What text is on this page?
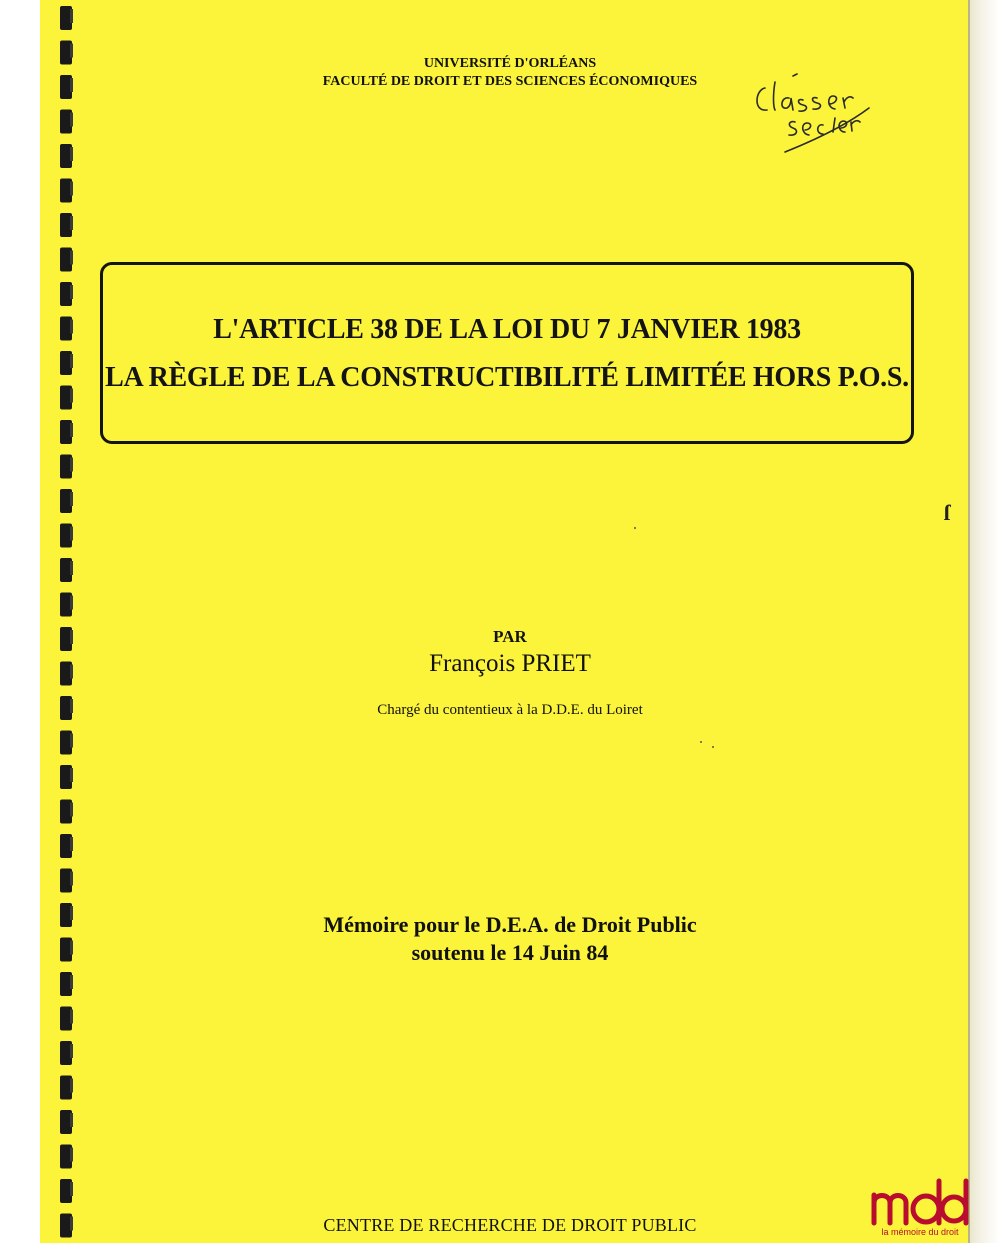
UNIVERSITÉ D'ORLÉANS
FACULTÉ DE DROIT ET DES SCIENCES ÉCONOMIQUES
L'ARTICLE 38 DE LA LOI DU 7 JANVIER 1983
LA RÈGLE DE LA CONSTRUCTIBILITÉ LIMITÉE HORS P.O.S.
ſ
PAR
François PRIET
Chargé du contentieux à la D.D.E. du Loiret
Mémoire pour le D.E.A. de Droit Public
soutenu le 14 Juin 84
CENTRE DE RECHERCHE DE DROIT PUBLIC	la mémoire du droit
